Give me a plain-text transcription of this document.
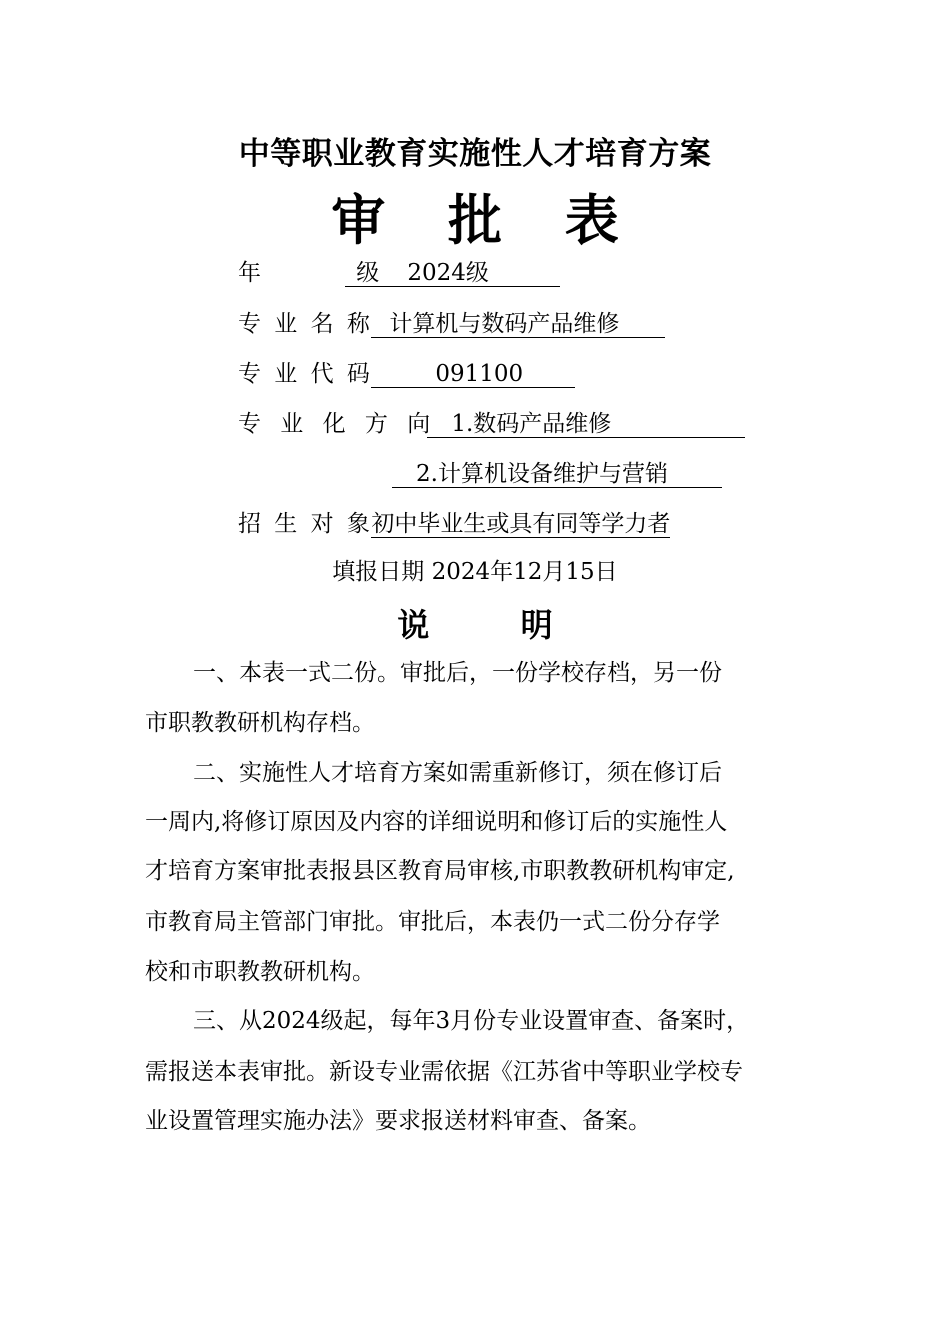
中等职业教育实施性人才培育方案
审 批 表
年 级 2024级
专 业 名 称 计算机与数码产品维修
专 业 代 码	091100
专 业 化 方 向 1.数码产品维修
2.计算机设备维护与营销
招 生 对 象 初中毕业生或具有同等学力者
填报日期 2024年12月15日
说 明
一、本表一式二份。审批后，一份学校存档，另一份
市职教教研机构存档。
二、实施性人才培育方案如需重新修订，须在修订后
一周内,将修订原因及内容的详细说明和修订后的实施性人
才培育方案审批表报县区教育局审核,市职教教研机构审定,
市教育局主管部门审批。审批后，本表仍一式二份分存学
校和市职教教研机构。
三、从2024级起，每年3月份专业设置审查、备案时，
需报送本表审批。新设专业需依据《江苏省中等职业学校专
业设置管理实施办法》要求报送材料审查、备案。
